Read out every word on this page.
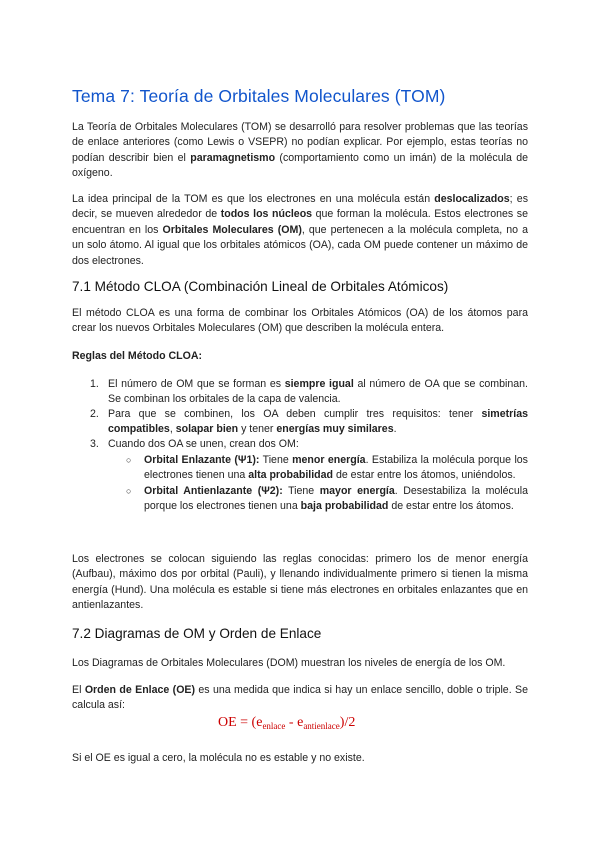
Tema 7: Teoría de Orbitales Moleculares (TOM)

La Teoría de Orbitales Moleculares (TOM) se desarrolló para resolver problemas que las teorías de enlace anteriores (como Lewis o VSEPR) no podían explicar. Por ejemplo, estas teorías no podían describir bien el paramagnetismo (comportamiento como un imán) de la molécula de oxígeno.

La idea principal de la TOM es que los electrones en una molécula están deslocalizados; es decir, se mueven alrededor de todos los núcleos que forman la molécula. Estos electrones se encuentran en los Orbitales Moleculares (OM), que pertenecen a la molécula completa, no a un solo átomo. Al igual que los orbitales atómicos (OA), cada OM puede contener un máximo de dos electrones.

7.1 Método CLOA (Combinación Lineal de Orbitales Atómicos)

El método CLOA es una forma de combinar los Orbitales Atómicos (OA) de los átomos para crear los nuevos Orbitales Moleculares (OM) que describen la molécula entera.

Reglas del Método CLOA:

1. El número de OM que se forman es siempre igual al número de OA que se combinan. Se combinan los orbitales de la capa de valencia.
2. Para que se combinen, los OA deben cumplir tres requisitos: tener simetrías compatibles, solapar bien y tener energías muy similares.
3. Cuando dos OA se unen, crean dos OM:
○ Orbital Enlazante (Ψ1): Tiene menor energía. Estabiliza la molécula porque los electrones tienen una alta probabilidad de estar entre los átomos, uniéndolos.
○ Orbital Antienlazante (Ψ2): Tiene mayor energía. Desestabiliza la molécula porque los electrones tienen una baja probabilidad de estar entre los átomos.

Los electrones se colocan siguiendo las reglas conocidas: primero los de menor energía (Aufbau), máximo dos por orbital (Pauli), y llenando individualmente primero si tienen la misma energía (Hund). Una molécula es estable si tiene más electrones en orbitales enlazantes que en antienlazantes.

7.2 Diagramas de OM y Orden de Enlace

Los Diagramas de Orbitales Moleculares (DOM) muestran los niveles de energía de los OM.

El Orden de Enlace (OE) es una medida que indica si hay un enlace sencillo, doble o triple. Se calcula así:

OE = $(e_{enlace} - e_{antienlace})/2$

Si el OE es igual a cero, la molécula no es estable y no existe.
